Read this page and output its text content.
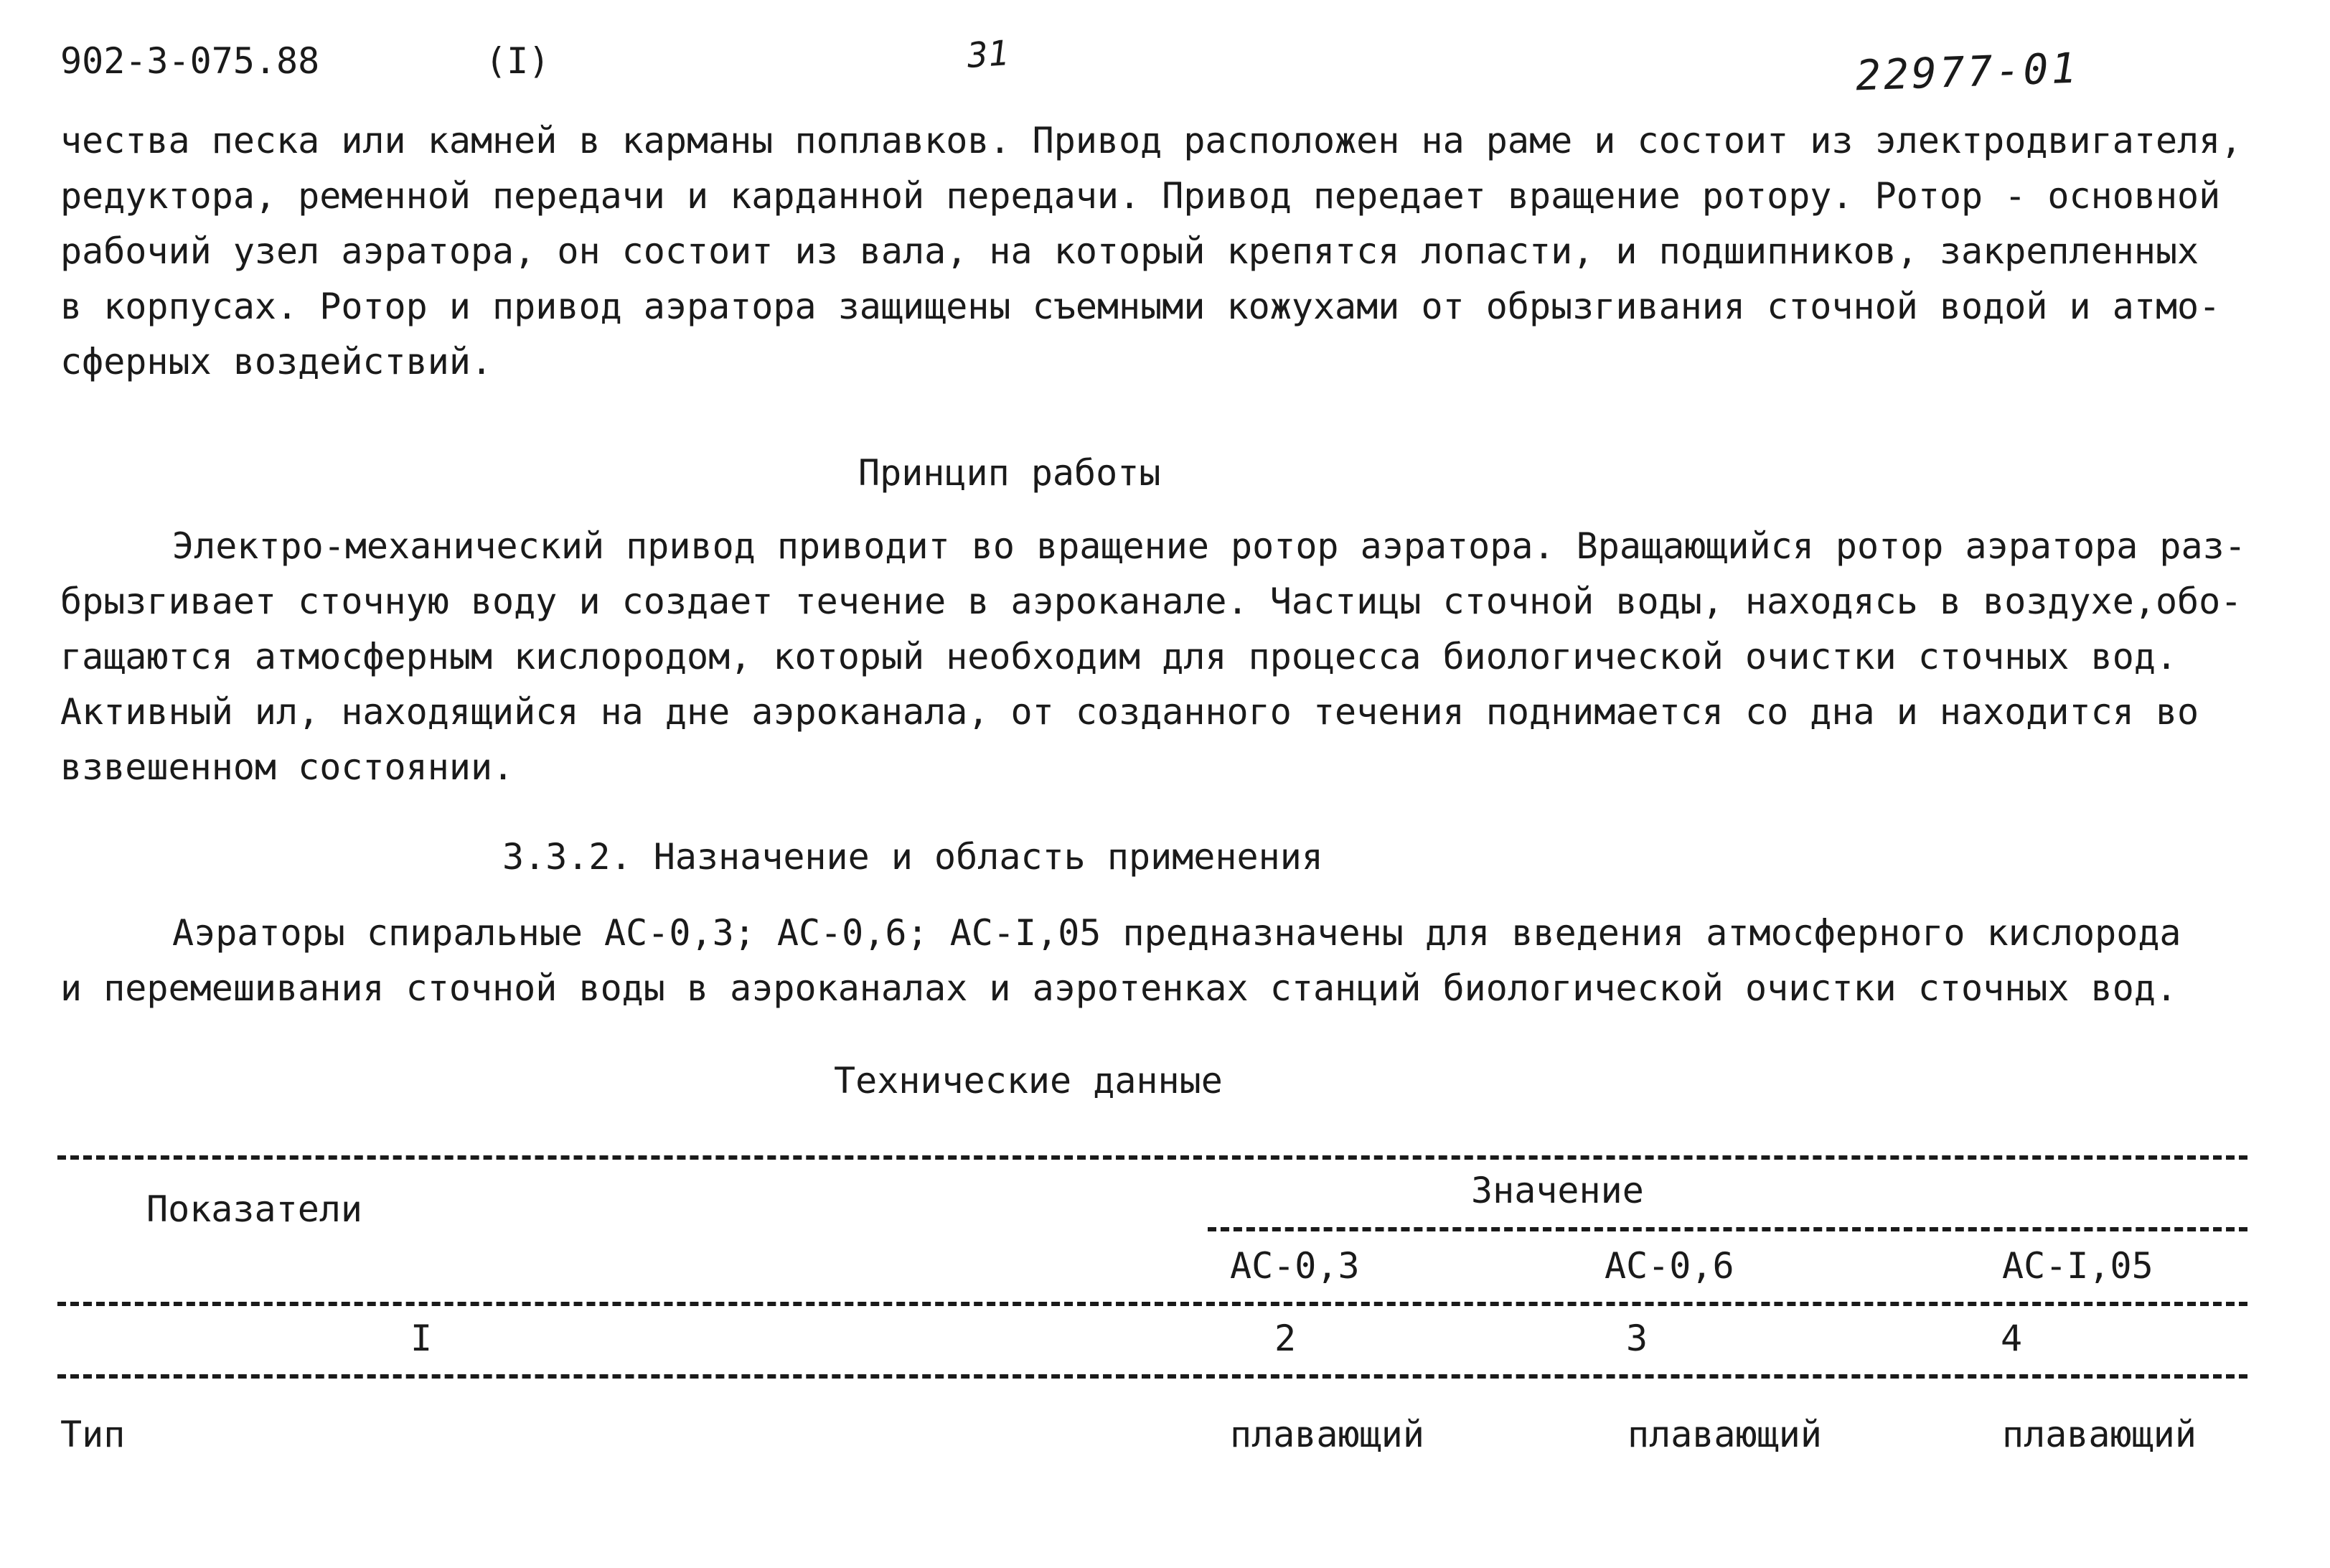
902-3-075.88	(I)	31	22977-01
чества песка или камней в карманы поплавков. Привод расположен на раме и состоит из электродвигателя,
редуктора, ременной передачи и карданной передачи. Привод передает вращение ротору. Ротор - основной
рабочий узел аэратора, он состоит из вала, на который крепятся лопасти, и подшипников, закрепленных
в корпусах. Ротор и привод аэратора защищены съемными кожухами от обрызгивания сточной водой и атмо-
сферных воздействий.
Принцип работы
Электро-механический привод приводит во вращение ротор аэратора. Вращающийся ротор аэратора раз-
брызгивает сточную воду и создает течение в аэроканале. Частицы сточной воды, находясь в воздухе,обо-
гащаются атмосферным кислородом, который необходим для процесса биологической очистки сточных вод.
Активный ил, находящийся на дне аэроканала, от созданного течения поднимается со дна и находится во
взвешенном состоянии.
3.3.2. Назначение и область применения
Аэраторы спиральные АС-0,3; АС-0,6; АС-I,05 предназначены для введения атмосферного кислорода
и перемешивания сточной воды в аэроканалах и аэротенках станций биологической очистки сточных вод.
Технические данные
Показатели	Значение
АС-0,3	АС-0,6	АС-I,05
I	2	3	4
Тип	плавающий	плавающий	плавающий
